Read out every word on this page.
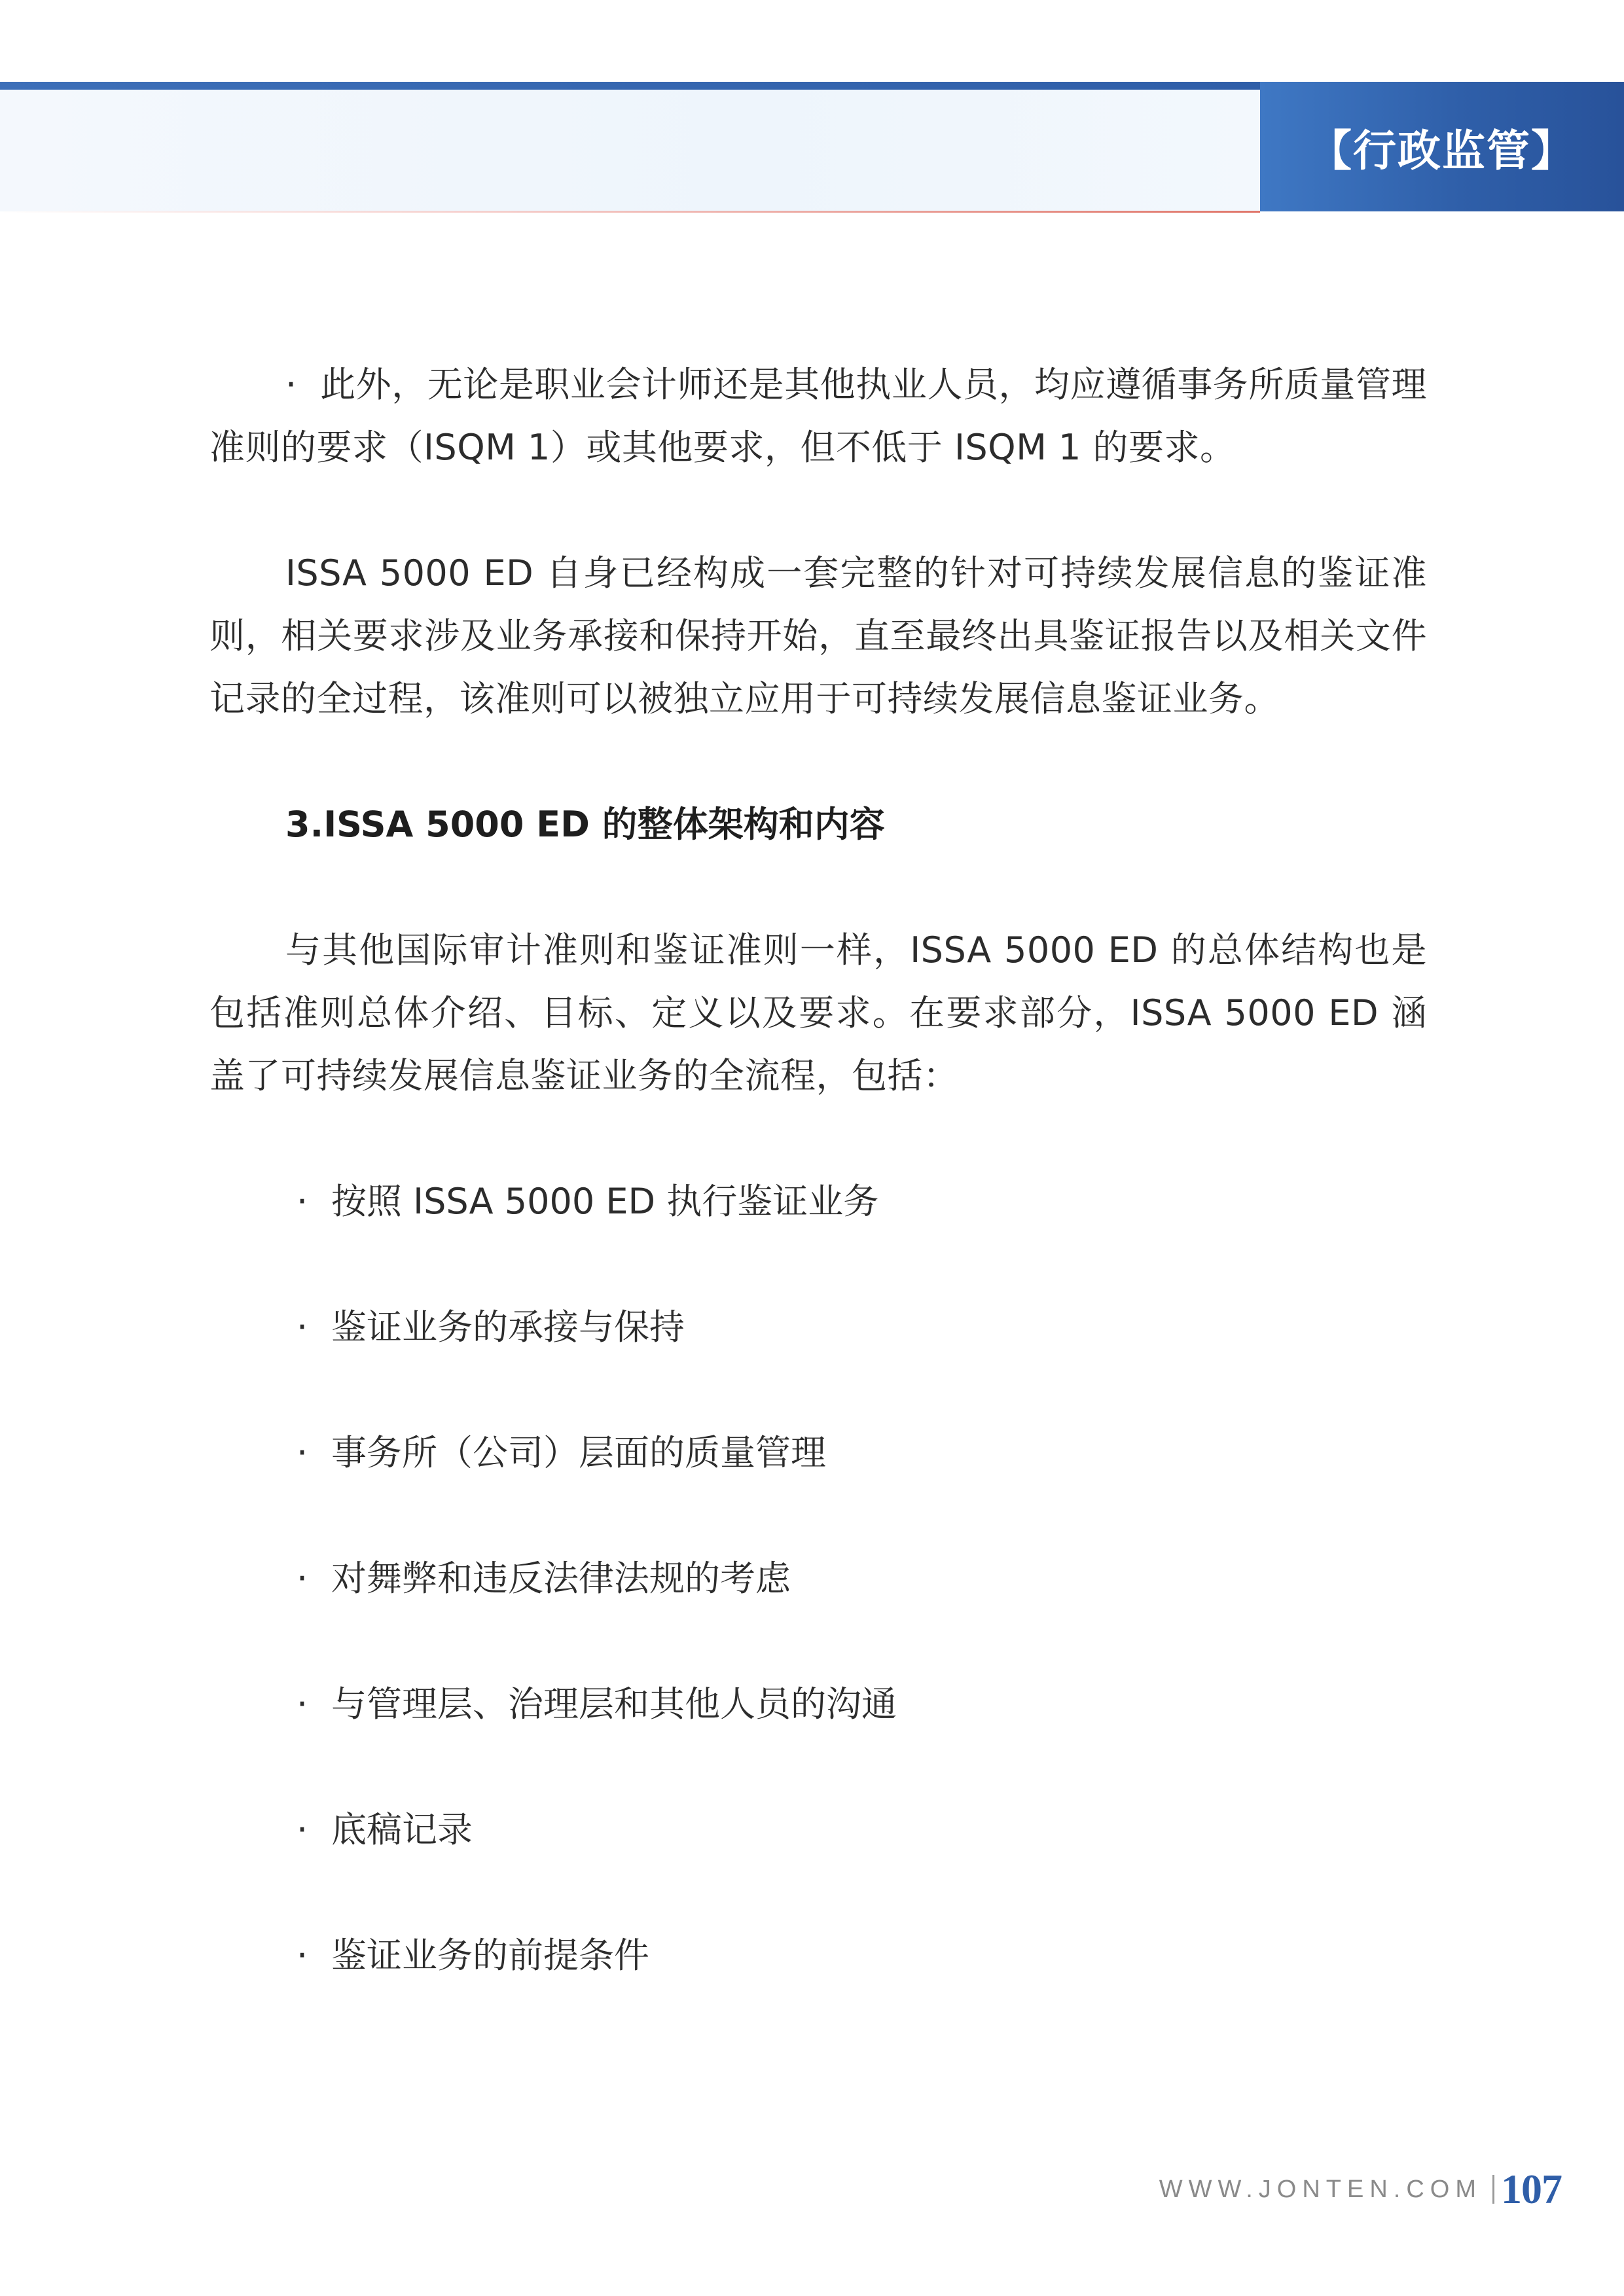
【行政监管】

· 此外，无论是职业会计师还是其他执业人员，均应遵循事务所质量管理准则的要求（ISQM 1）或其他要求，但不低于 ISQM 1 的要求。

ISSA 5000 ED 自身已经构成一套完整的针对可持续发展信息的鉴证准则，相关要求涉及业务承接和保持开始，直至最终出具鉴证报告以及相关文件记录的全过程，该准则可以被独立应用于可持续发展信息鉴证业务。

3.ISSA 5000 ED 的整体架构和内容

与其他国际审计准则和鉴证准则一样，ISSA 5000 ED 的总体结构也是包括准则总体介绍、目标、定义以及要求。在要求部分，ISSA 5000 ED 涵盖了可持续发展信息鉴证业务的全流程，包括：

· 按照 ISSA 5000 ED 执行鉴证业务
· 鉴证业务的承接与保持
· 事务所（公司）层面的质量管理
· 对舞弊和违反法律法规的考虑
· 与管理层、治理层和其他人员的沟通
· 底稿记录
· 鉴证业务的前提条件
WWW.JONTEN.COM 107
